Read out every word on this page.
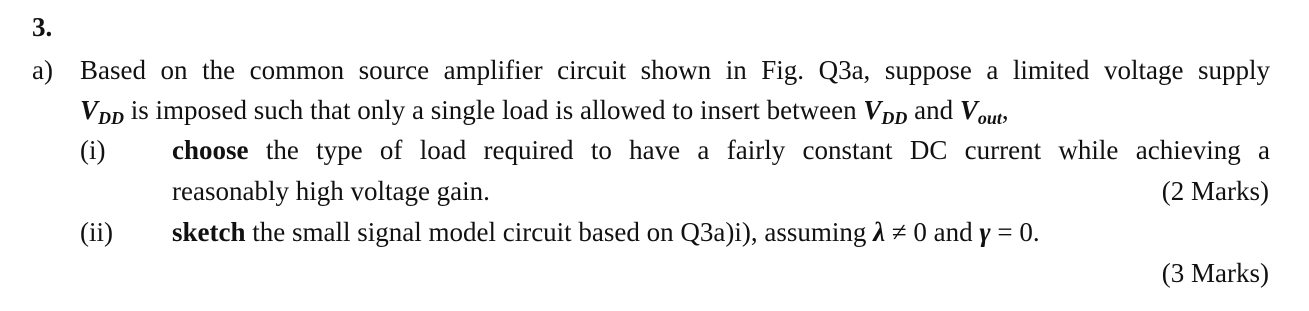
3.
a) Based on the common source amplifier circuit shown in Fig. Q3a, suppose a limited voltage supply
$V_{DD}$ is imposed such that only a single load is allowed to insert between $V_{DD}$ and $V_{out}$,
(i) choose the type of load required to have a fairly constant DC current while achieving a
reasonably high voltage gain.	(2 Marks)
(ii) sketch the small signal model circuit based on Q3a)i), assuming λ ≠ 0 and γ = 0.
(3 Marks)
